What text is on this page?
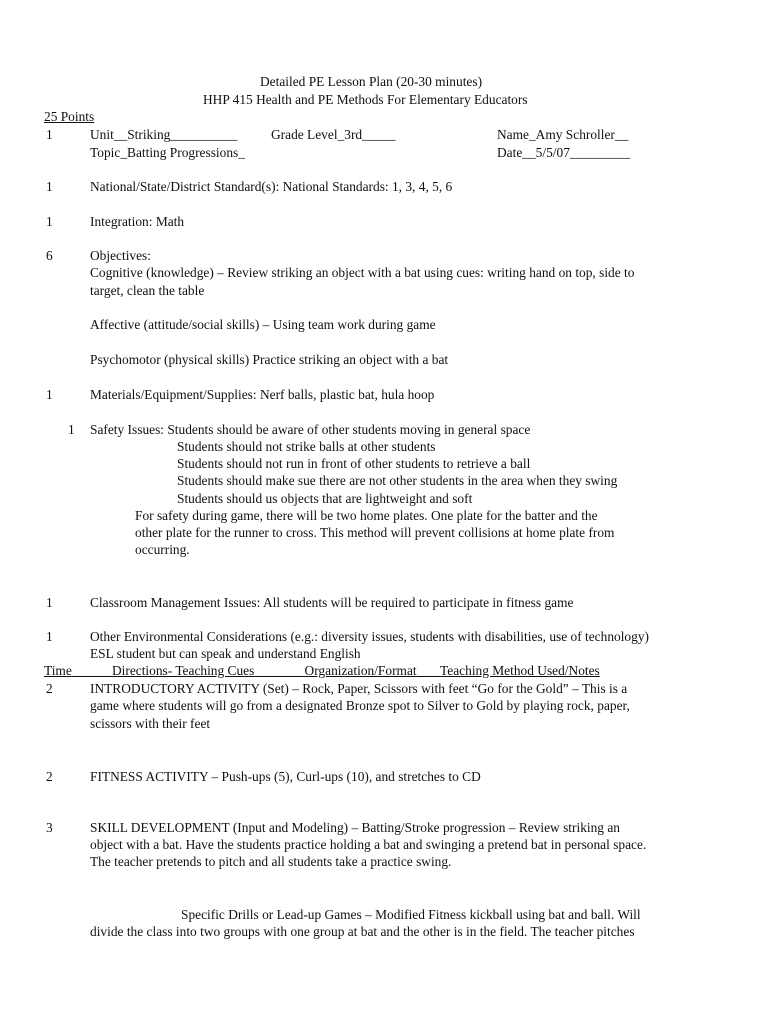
Detailed PE Lesson Plan (20-30 minutes)
HHP 415 Health and PE Methods For Elementary Educators
25 Points
1	Unit__Striking__________	Grade Level_3rd_____	Name_Amy Schroller__
Topic_Batting Progressions_	Date__5/5/07_________
1	National/State/District Standard(s): National Standards: 1, 3, 4, 5, 6
1	Integration: Math
6	Objectives:
Cognitive (knowledge) – Review striking an object with a bat using cues: writing hand on top, side to
target, clean the table
Affective (attitude/social skills) – Using team work during game
Psychomotor (physical skills) Practice striking an object with a bat
1	Materials/Equipment/Supplies: Nerf balls, plastic bat, hula hoop
1 Safety Issues: Students should be aware of other students moving in general space
Students should not strike balls at other students
Students should not run in front of other students to retrieve a ball
Students should make sue there are not other students in the area when they swing
Students should us objects that are lightweight and soft
For safety during game, there will be two home plates. One plate for the batter and the
other plate for the runner to cross. This method will prevent collisions at home plate from
occurring.
1	Classroom Management Issues: All students will be required to participate in fitness game
1	Other Environmental Considerations (e.g.: diversity issues, students with disabilities, use of technology)
ESL student but can speak and understand English
Time	Directions- Teaching Cues	Organization/Format Teaching Method Used/Notes
2	INTRODUCTORY ACTIVITY (Set) – Rock, Paper, Scissors with feet “Go for the Gold” – This is a
game where students will go from a designated Bronze spot to Silver to Gold by playing rock, paper,
scissors with their feet
2	FITNESS ACTIVITY – Push-ups (5), Curl-ups (10), and stretches to CD
3	SKILL DEVELOPMENT (Input and Modeling) – Batting/Stroke progression – Review striking an
object with a bat. Have the students practice holding a bat and swinging a pretend bat in personal space.
The teacher pretends to pitch and all students take a practice swing.
Specific Drills or Lead-up Games – Modified Fitness kickball using bat and ball. Will
divide the class into two groups with one group at bat and the other is in the field. The teacher pitches
